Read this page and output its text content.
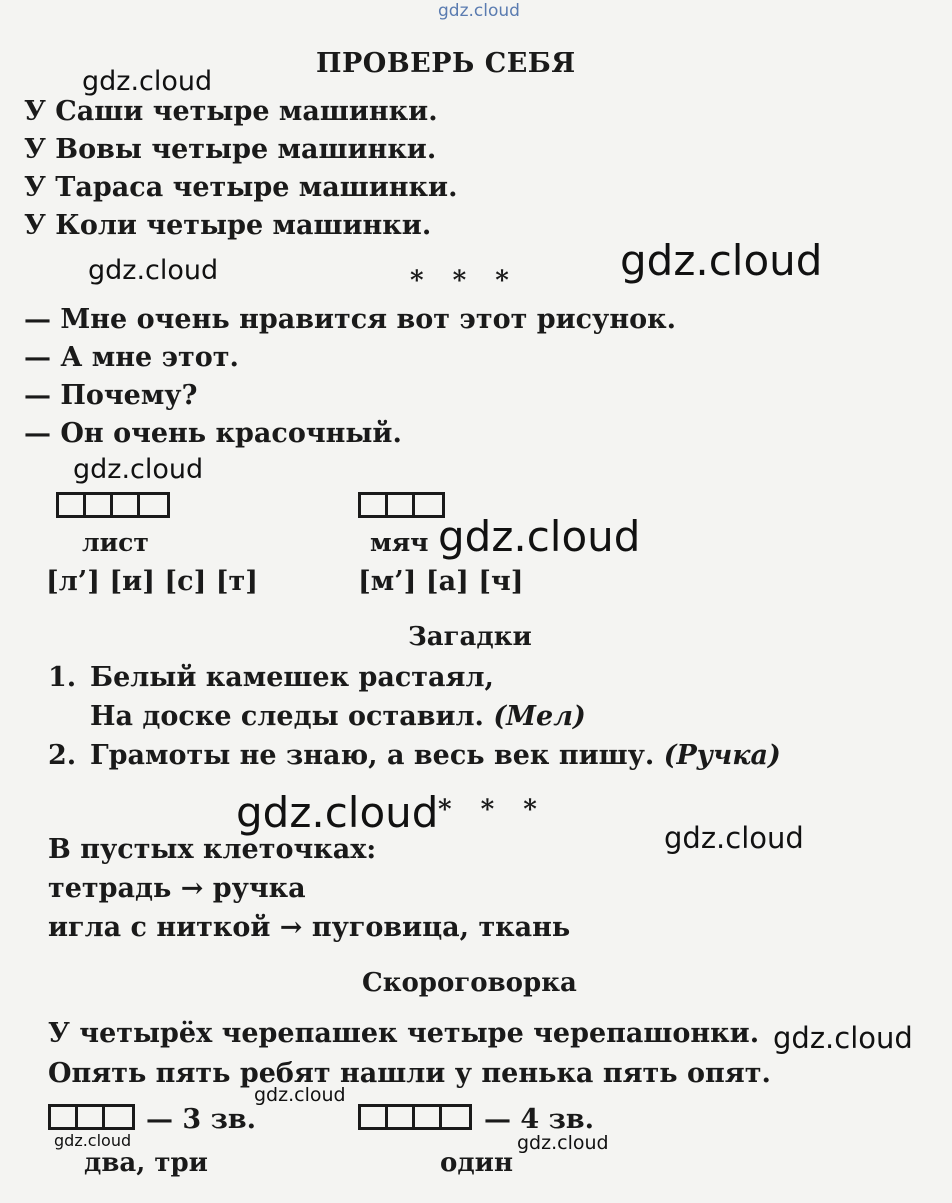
gdz.cloud
ПРОВЕРЬ СЕБЯ
У Саши четыре машинки.
У Вовы четыре машинки.
У Тараса четыре машинки.
У Коли четыре машинки.
* * *
— Мне очень нравится вот этот рисунок.
— А мне этот.
— Почему?
— Он очень красочный.
лист
[л’] [и] [с] [т]
мяч
[м’] [а] [ч]
Загадки
1. Белый камешек растаял,
На доске следы оставил. (Мел)
2. Грамоты не знаю, а весь век пишу. (Ручка)
* * *
В пустых клеточках:
тетрадь → ручка
игла с ниткой → пуговица, ткань
Скороговорка
У четырёх черепашек четыре черепашонки.
Опять пять ребят нашли у пенька пять опят.
— 3 зв.
два, три
— 4 зв.
один
gdz.cloud
gdz.cloud	gdz.cloud
gdz.cloud
gdz.cloud
gdz.cloud
gdz.cloud
gdz.cloud
gdz.cloud
gdz.cloud	gdz.cloud
